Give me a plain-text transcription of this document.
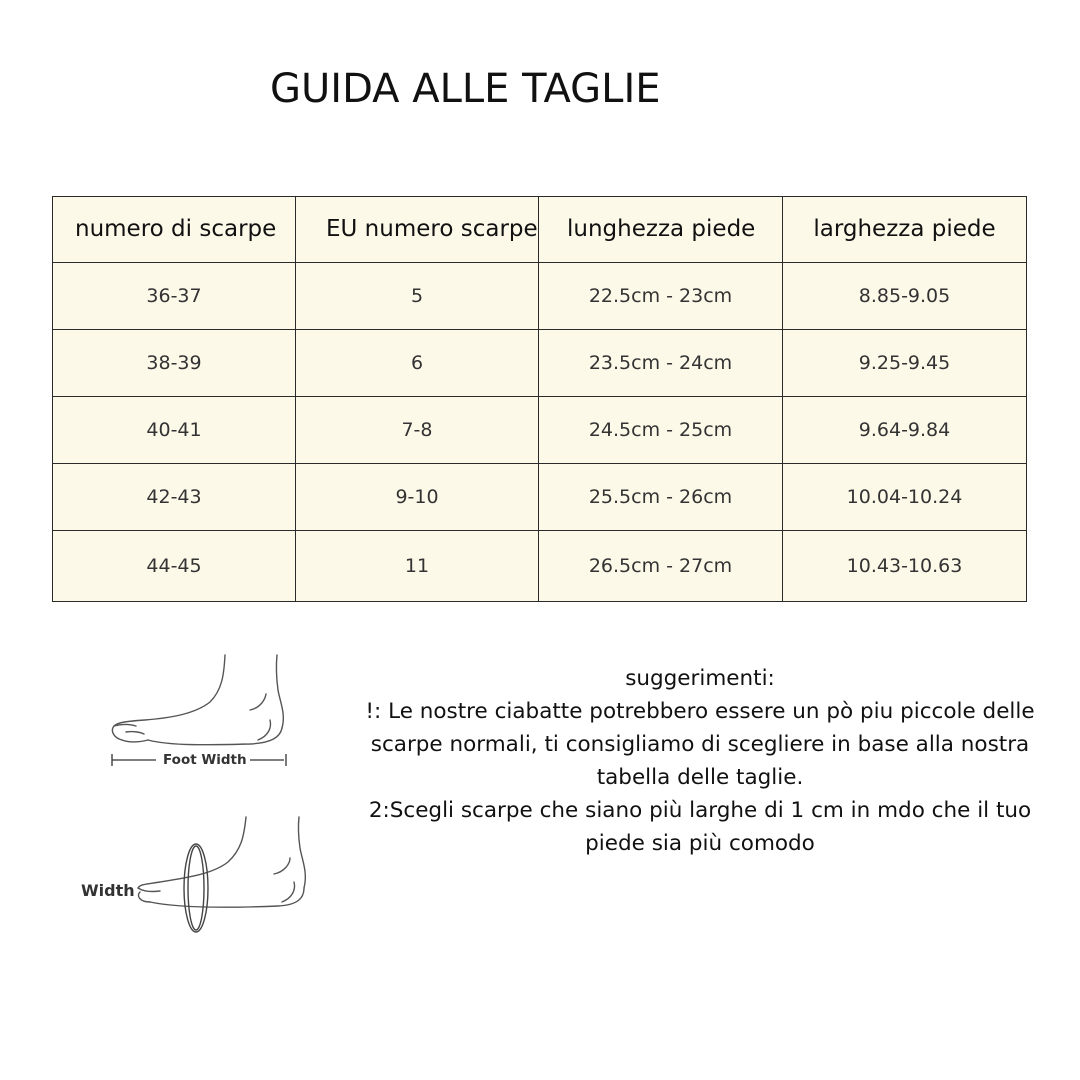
GUIDA ALLE TAGLIE
numero di scarpe	EU numero scarpe	lunghezza piede	larghezza piede
36-37	5	22.5cm - 23cm	8.85-9.05
38-39	6	23.5cm - 24cm	9.25-9.45
40-41	7-8	24.5cm - 25cm	9.64-9.84
42-43	9-10	25.5cm - 26cm	10.04-10.24
44-45	11	26.5cm - 27cm	10.43-10.63
Foot Width
Width

suggerimenti:

!: Le nostre ciabatte potrebbero essere un pò piu piccole delle scarpe normali, ti consigliamo di scegliere in base alla nostra tabella delle taglie.

2:Scegli scarpe che siano più larghe di 1 cm in mdo che il tuo piede sia più comodo
